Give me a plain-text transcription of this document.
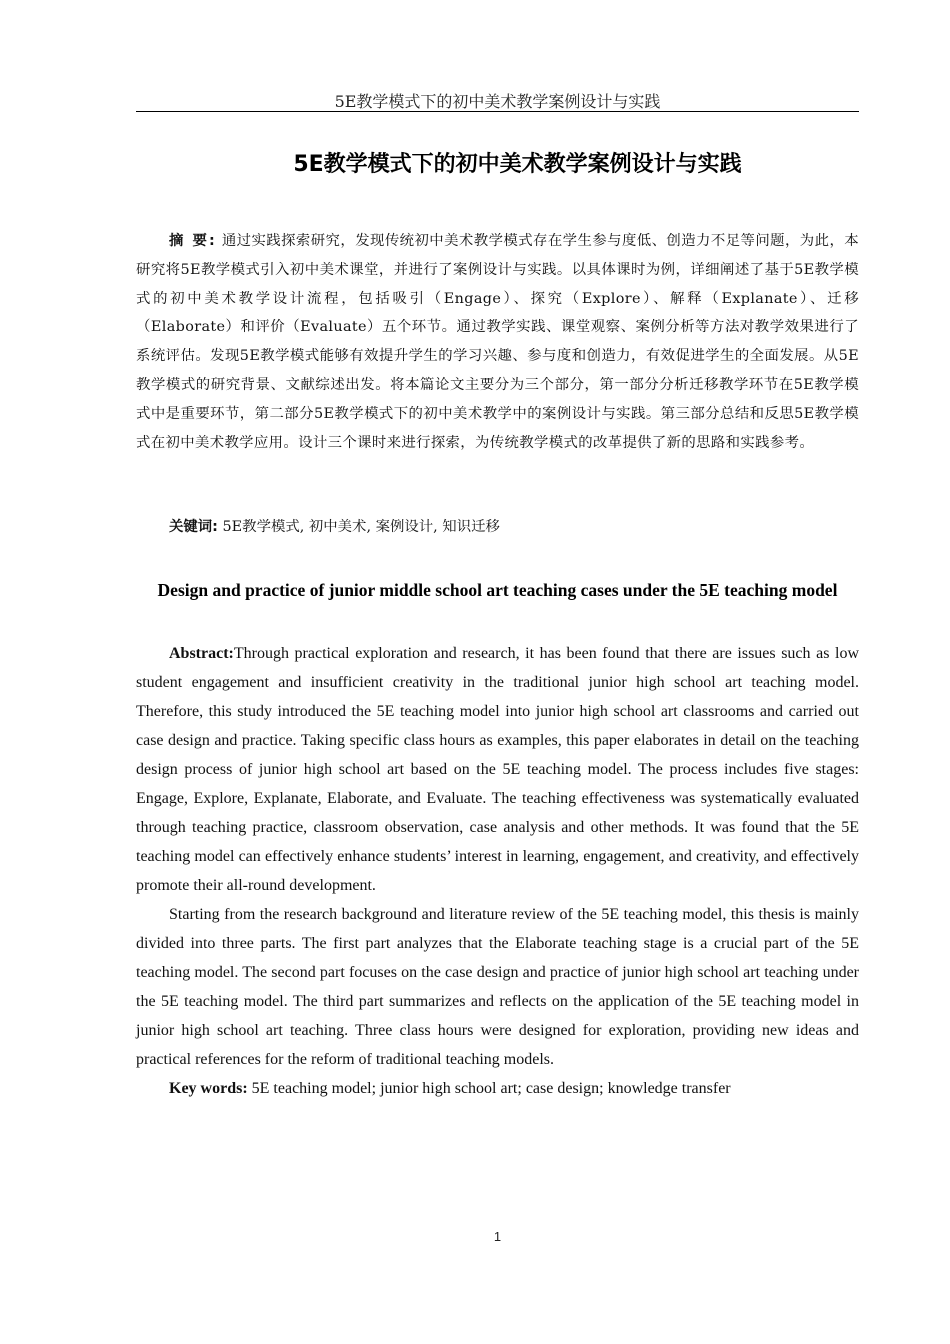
5E教学模式下的初中美术教学案例设计与实践
5E教学模式下的初中美术教学案例设计与实践
摘 要: 通过实践探索研究，发现传统初中美术教学模式存在学生参与度低、创造力不足等问题，为此，本研究将5E教学模式引入初中美术课堂，并进行了案例设计与实践。以具体课时为例，详细阐述了基于5E教学模式的初中美术教学设计流程，包括吸引（Engage）、探究（Explore）、解释（Explanate）、迁移（Elaborate）和评价（Evaluate）五个环节。通过教学实践、课堂观察、案例分析等方法对教学效果进行了系统评估。发现5E教学模式能够有效提升学生的学习兴趣、参与度和创造力，有效促进学生的全面发展。从5E教学模式的研究背景、文献综述出发。将本篇论文主要分为三个部分，第一部分分析迁移教学环节在5E教学模式中是重要环节，第二部分5E教学模式下的初中美术教学中的案例设计与实践。第三部分总结和反思5E教学模式在初中美术教学应用。设计三个课时来进行探索，为传统教学模式的改革提供了新的思路和实践参考。
关键词: 5E教学模式, 初中美术, 案例设计, 知识迁移
Design and practice of junior middle school art teaching cases under the 5E teaching model
Abstract:Through practical exploration and research, it has been found that there are issues such as low student engagement and insufficient creativity in the traditional junior high school art teaching model. Therefore, this study introduced the 5E teaching model into junior high school art classrooms and carried out case design and practice. Taking specific class hours as examples, this paper elaborates in detail on the teaching design process of junior high school art based on the 5E teaching model. The process includes five stages: Engage, Explore, Explanate, Elaborate, and Evaluate. The teaching effectiveness was systematically evaluated through teaching practice, classroom observation, case analysis and other methods. It was found that the 5E teaching model can effectively enhance students’ interest in learning, engagement, and creativity, and effectively promote their all-round development.
Starting from the research background and literature review of the 5E teaching model, this thesis is mainly divided into three parts. The first part analyzes that the Elaborate teaching stage is a crucial part of the 5E teaching model. The second part focuses on the case design and practice of junior high school art teaching under the 5E teaching model. The third part summarizes and reflects on the application of the 5E teaching model in junior high school art teaching. Three class hours were designed for exploration, providing new ideas and practical references for the reform of traditional teaching models.
Key words: 5E teaching model; junior high school art; case design; knowledge transfer
1
